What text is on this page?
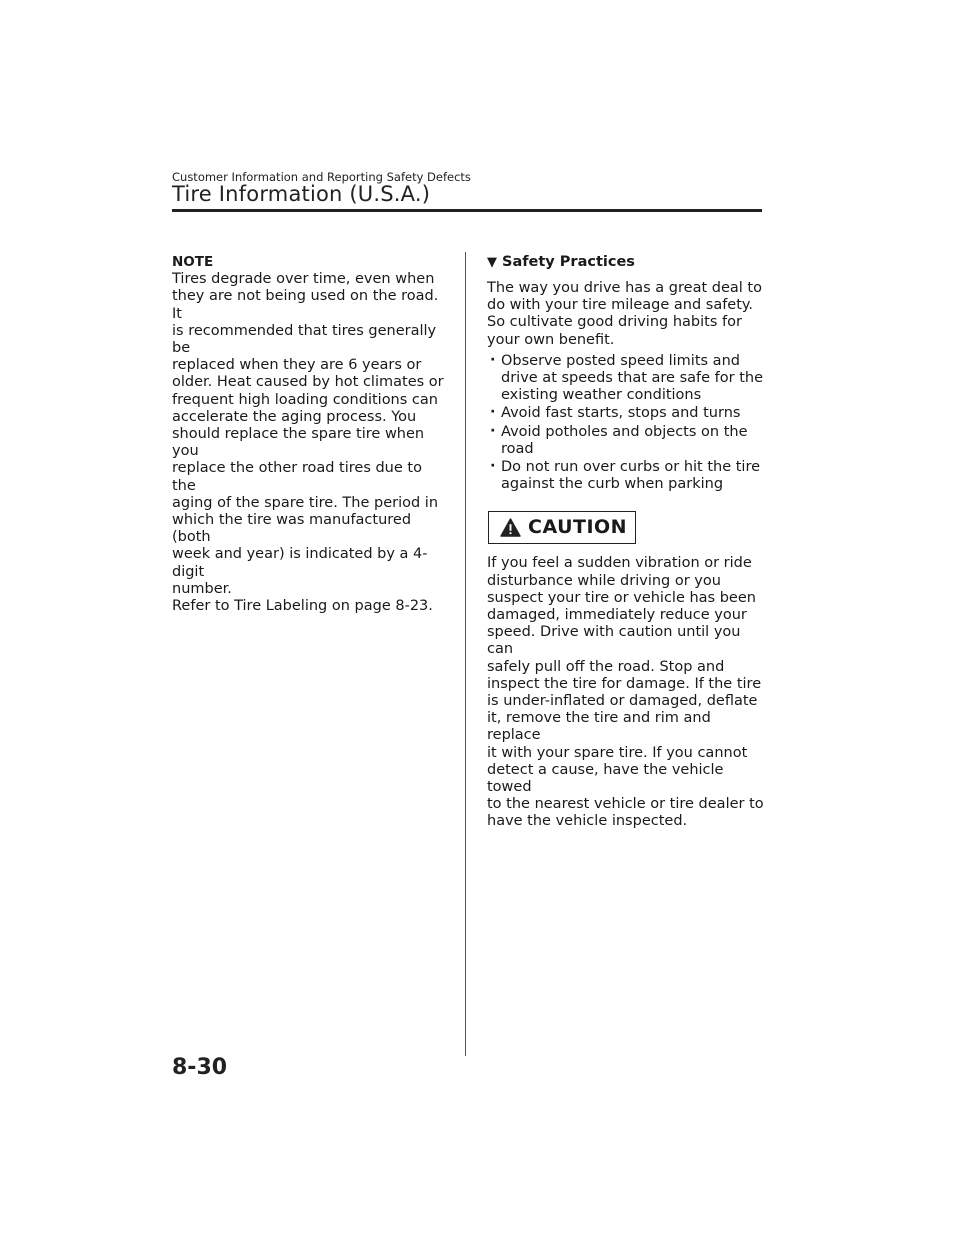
Customer Information and Reporting Safety Defects
Tire Information (U.S.A.)
NOTE

Tires degrade over time, even when
they are not being used on the road. It
is recommended that tires generally be
replaced when they are 6 years or
older. Heat caused by hot climates or
frequent high loading conditions can
accelerate the aging process. You
should replace the spare tire when you
replace the other road tires due to the
aging of the spare tire. The period in
which the tire was manufactured (both
week and year) is indicated by a 4-digit
number.
Refer to Tire Labeling on page 8-23.

▼ Safety Practices

The way you drive has a great deal to
do with your tire mileage and safety.
So cultivate good driving habits for
your own benefit.

· Observe posted speed limits and
drive at speeds that are safe for the
existing weather conditions
· Avoid fast starts, stops and turns
· Avoid potholes and objects on the
road
· Do not run over curbs or hit the tire
against the curb when parking
CAUTION

If you feel a sudden vibration or ride
disturbance while driving or you
suspect your tire or vehicle has been
damaged, immediately reduce your
speed. Drive with caution until you can
safely pull off the road. Stop and
inspect the tire for damage. If the tire
is under-inflated or damaged, deflate
it, remove the tire and rim and replace
it with your spare tire. If you cannot
detect a cause, have the vehicle towed
to the nearest vehicle or tire dealer to
have the vehicle inspected.

8-30
